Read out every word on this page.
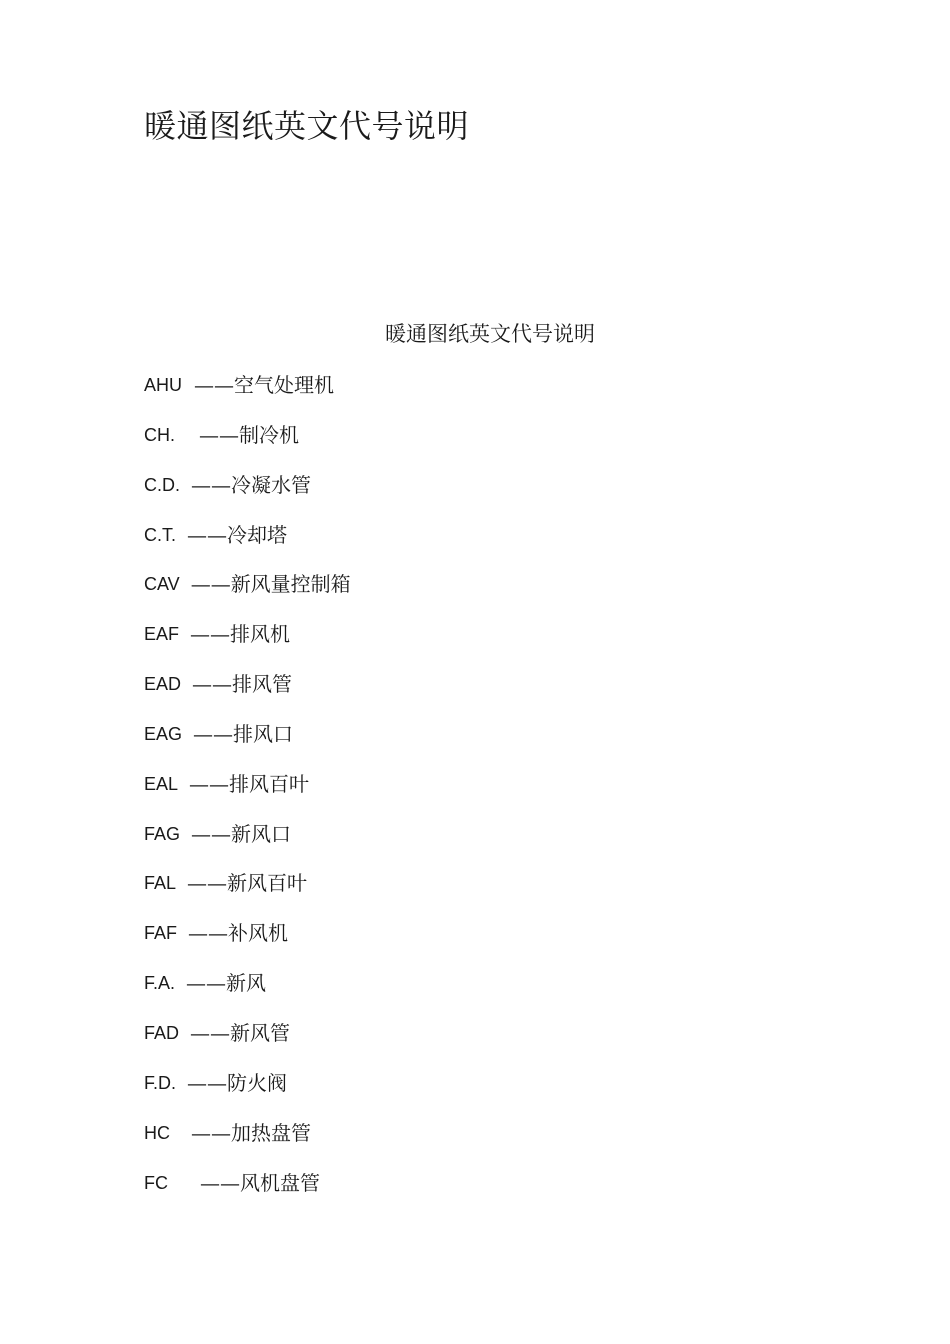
暖通图纸英文代号说明
暖通图纸英文代号说明
AHU —— 空气处理机
CH. —— 制冷机
C.D. —— 冷凝水管
C.T. —— 冷却塔
CAV —— 新风量控制箱
EAF —— 排风机
EAD —— 排风管
EAG —— 排风口
EAL —— 排风百叶
FAG —— 新风口
FAL —— 新风百叶
FAF —— 补风机
F.A. —— 新风
FAD —— 新风管
F.D. —— 防火阀
HC —— 加热盘管
FC —— 风机盘管
